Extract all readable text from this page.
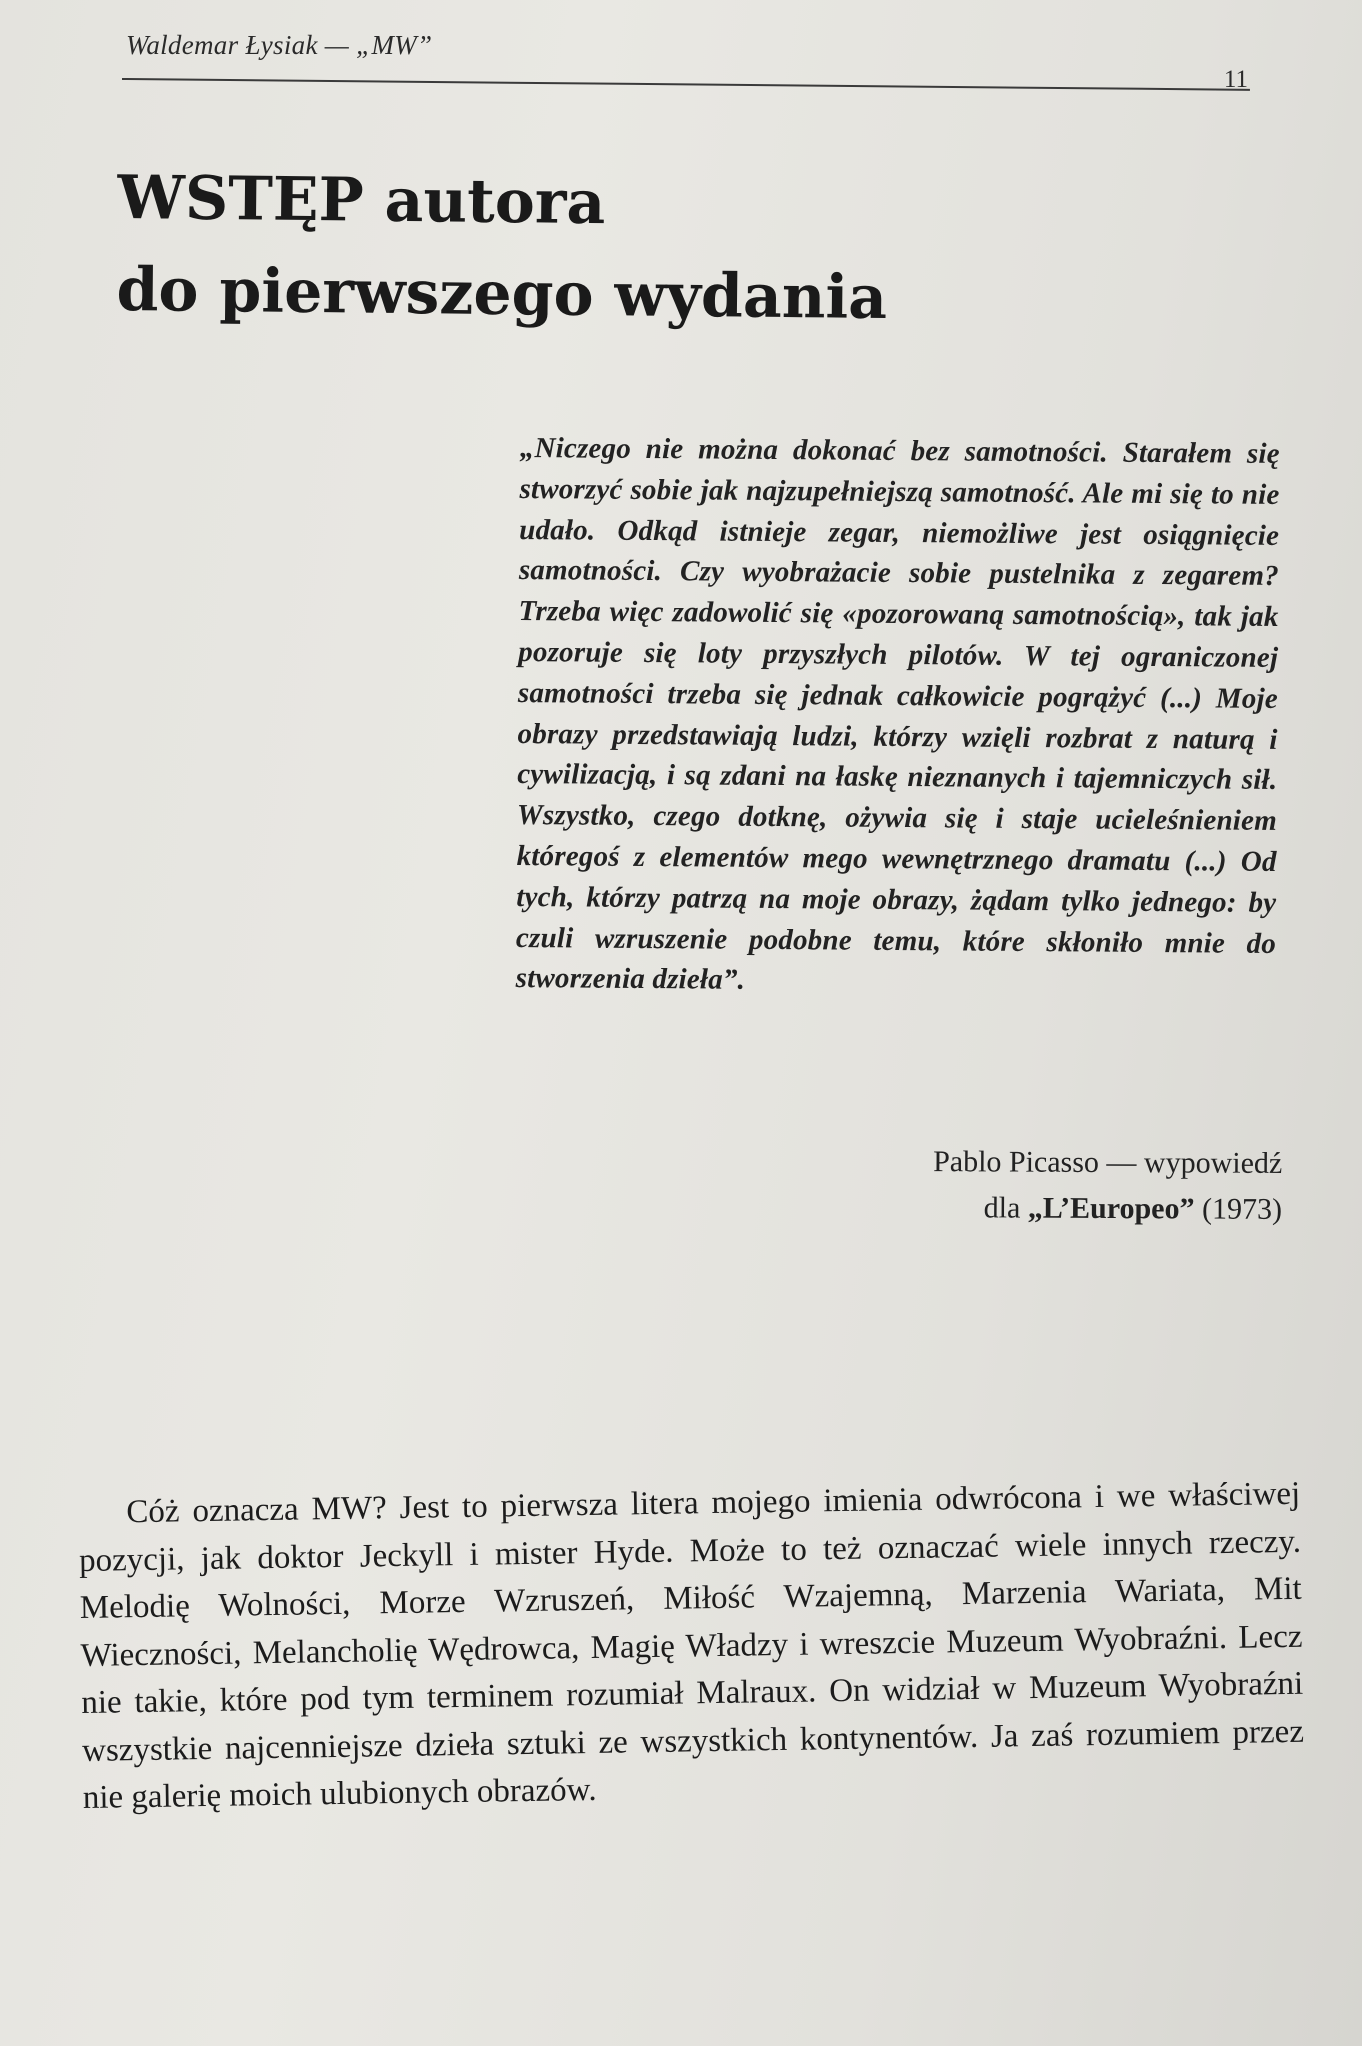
Waldemar Łysiak — „MW”
11
WSTĘP autora
do pierwszego wydania

„Niczego nie można dokonać bez samotności. Starałem się stworzyć sobie jak najzupełniejszą samotność. Ale mi się to nie udało. Odkąd istnieje zegar, niemożliwe jest osiągnięcie samotności. Czy wyobrażacie sobie pustelnika z zegarem? Trzeba więc zadowolić się «pozorowaną samotnością», tak jak pozoruje się loty przyszłych pilotów. W tej ograniczonej samotności trzeba się jednak całkowicie pogrążyć (...) Moje obrazy przedstawiają ludzi, którzy wzięli rozbrat z naturą i cywilizacją, i są zdani na łaskę nieznanych i tajemniczych sił. Wszystko, czego dotknę, ożywia się i staje ucieleśnieniem któregoś z elementów mego wewnętrznego dramatu (...) Od tych, którzy patrzą na moje obrazy, żądam tylko jednego: by czuli wzruszenie podobne temu, które skłoniło mnie do stworzenia dzieła”.

Pablo Picasso — wypowiedź
dla „L’Europeo” (1973)

Cóż oznacza MW? Jest to pierwsza litera mojego imienia odwrócona i we właściwej pozycji, jak doktor Jeckyll i mister Hyde. Może to też oznaczać wiele innych rzeczy. Melodię Wolności, Morze Wzruszeń, Miłość Wzajemną, Marzenia Wariata, Mit Wieczności, Melancholię Wędrowca, Magię Władzy i wreszcie Muzeum Wyobraźni. Lecz nie takie, które pod tym terminem rozumiał Malraux. On widział w Muzeum Wyobraźni wszystkie najcenniejsze dzieła sztuki ze wszystkich kontynentów. Ja zaś rozumiem przez nie galerię moich ulubionych obrazów.
